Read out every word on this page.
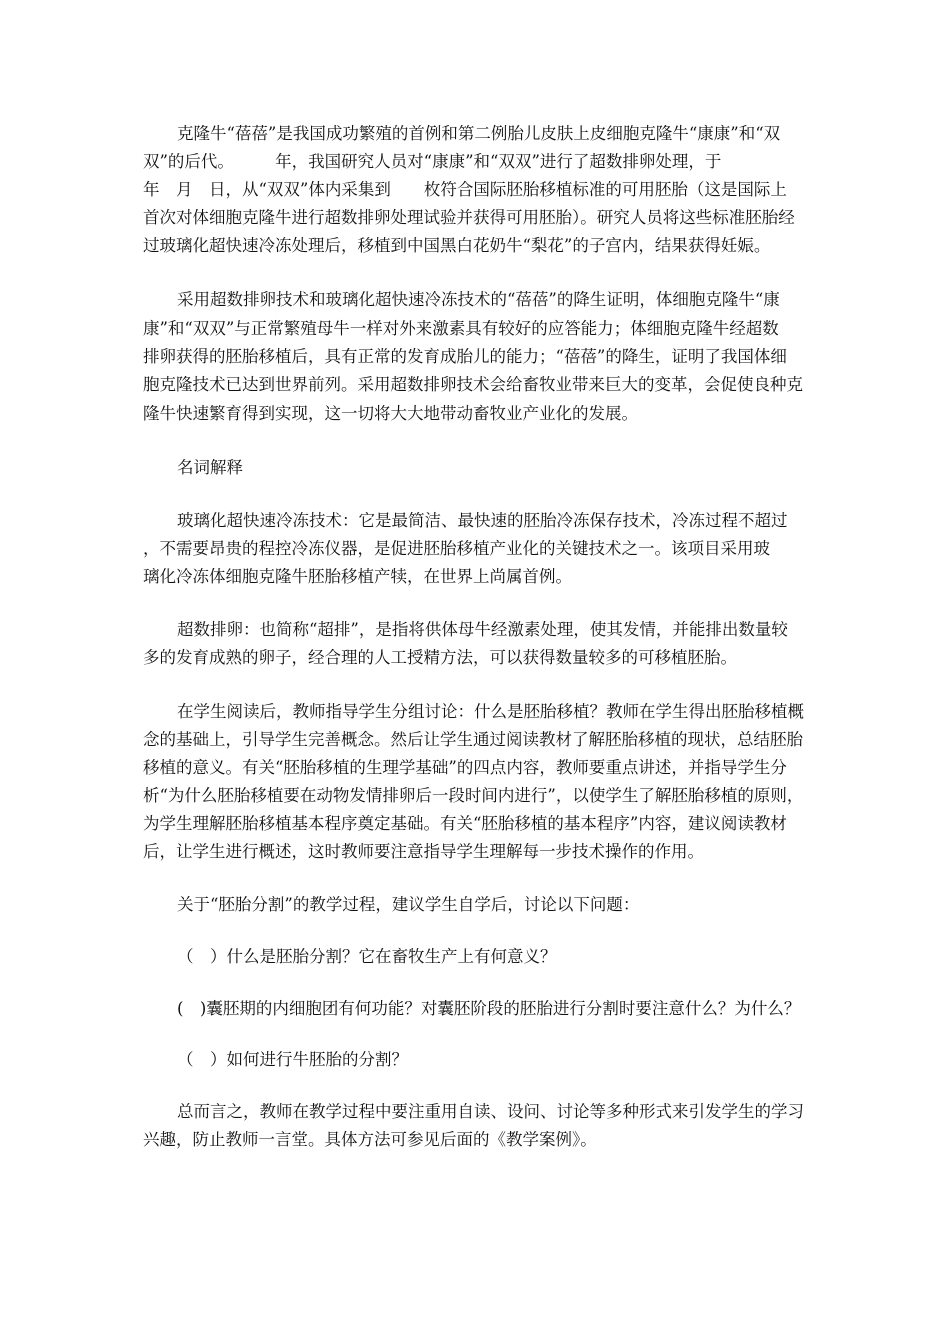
克隆牛“蓓蓓”是我国成功繁殖的首例和第二例胎儿皮肤上皮细胞克隆牛“康康”和“双
双”的后代。　　　年，我国研究人员对“康康”和“双双”进行了超数排卵处理，于
年　月　日，从“双双”体内采集到　　枚符合国际胚胎移植标准的可用胚胎（这是国际上
首次对体细胞克隆牛进行超数排卵处理试验并获得可用胚胎）。研究人员将这些标准胚胎经
过玻璃化超快速冷冻处理后，移植到中国黑白花奶牛“梨花”的子宫内，结果获得妊娠。
采用超数排卵技术和玻璃化超快速冷冻技术的“蓓蓓”的降生证明，体细胞克隆牛“康
康”和“双双”与正常繁殖母牛一样对外来激素具有较好的应答能力；体细胞克隆牛经超数
排卵获得的胚胎移植后，具有正常的发育成胎儿的能力；“蓓蓓”的降生，证明了我国体细
胞克隆技术已达到世界前列。采用超数排卵技术会给畜牧业带来巨大的变革，会促使良种克
隆牛快速繁育得到实现，这一切将大大地带动畜牧业产业化的发展。
名词解释
玻璃化超快速冷冻技术：它是最简洁、最快速的胚胎冷冻保存技术，冷冻过程不超过
，不需要昂贵的程控冷冻仪器，是促进胚胎移植产业化的关键技术之一。该项目采用玻
璃化冷冻体细胞克隆牛胚胎移植产犊，在世界上尚属首例。
超数排卵：也简称“超排”，是指将供体母牛经激素处理，使其发情，并能排出数量较
多的发育成熟的卵子，经合理的人工授精方法，可以获得数量较多的可移植胚胎。
在学生阅读后，教师指导学生分组讨论：什么是胚胎移植？教师在学生得出胚胎移植概
念的基础上，引导学生完善概念。然后让学生通过阅读教材了解胚胎移植的现状，总结胚胎
移植的意义。有关“胚胎移植的生理学基础”的四点内容，教师要重点讲述，并指导学生分
析“为什么胚胎移植要在动物发情排卵后一段时间内进行”，以使学生了解胚胎移植的原则，
为学生理解胚胎移植基本程序奠定基础。有关“胚胎移植的基本程序”内容，建议阅读教材
后，让学生进行概述，这时教师要注意指导学生理解每一步技术操作的作用。
关于“胚胎分割”的教学过程，建议学生自学后，讨论以下问题：
（　）什么是胚胎分割？它在畜牧生产上有何意义？
(　)囊胚期的内细胞团有何功能？对囊胚阶段的胚胎进行分割时要注意什么？为什么？
（　）如何进行牛胚胎的分割？
总而言之，教师在教学过程中要注重用自读、设问、讨论等多种形式来引发学生的学习
兴趣，防止教师一言堂。具体方法可参见后面的《教学案例》。
